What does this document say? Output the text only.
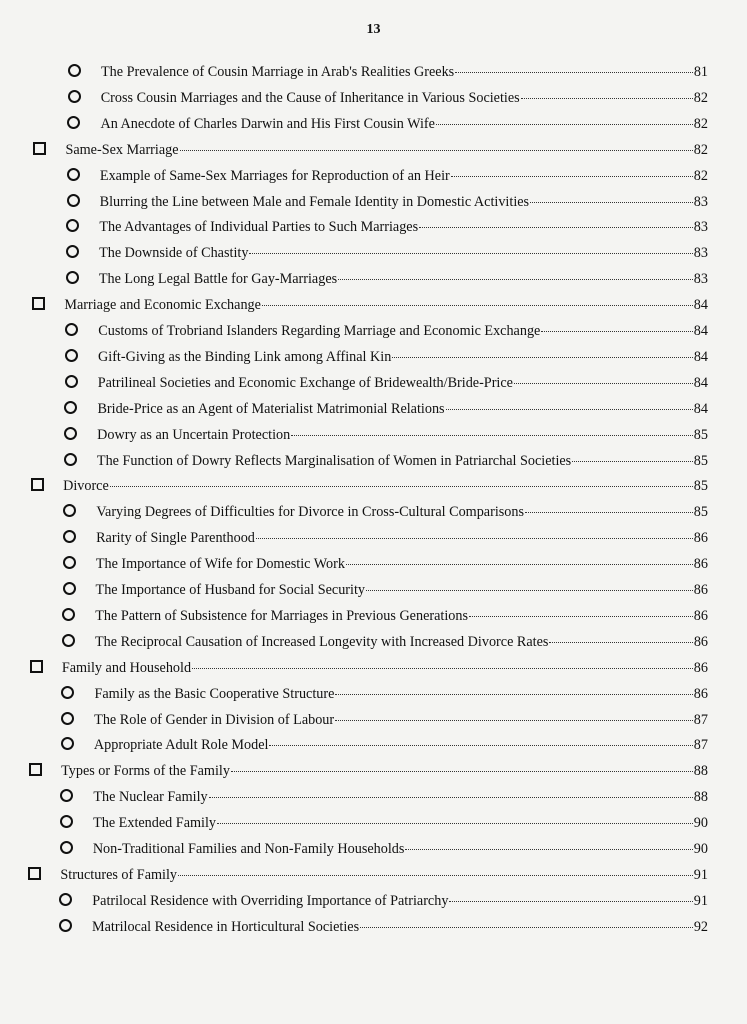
13
The Prevalence of Cousin Marriage in Arab's Realities Greeks	81
Cross Cousin Marriages and the Cause of Inheritance in Various Societies	82
An Anecdote of Charles Darwin and His First Cousin Wife	82
Same-Sex Marriage	82
Example of Same-Sex Marriages for Reproduction of an Heir	82
Blurring the Line between Male and Female Identity in Domestic Activities	83
The Advantages of Individual Parties to Such Marriages	83
The Downside of Chastity	83
The Long Legal Battle for Gay-Marriages	83
Marriage and Economic Exchange	84
Customs of Trobriand Islanders Regarding Marriage and Economic Exchange	84
Gift-Giving as the Binding Link among Affinal Kin	84
Patrilineal Societies and Economic Exchange of Bridewealth/Bride-Price	84
Bride-Price as an Agent of Materialist Matrimonial Relations	84
Dowry as an Uncertain Protection	85
The Function of Dowry Reflects Marginalisation of Women in Patriarchal Societies	85
Divorce	85
Varying Degrees of Difficulties for Divorce in Cross-Cultural Comparisons	85
Rarity of Single Parenthood	86
The Importance of Wife for Domestic Work	86
The Importance of Husband for Social Security	86
The Pattern of Subsistence for Marriages in Previous Generations	86
The Reciprocal Causation of Increased Longevity with Increased Divorce Rates	86
Family and Household	86
Family as the Basic Cooperative Structure	86
The Role of Gender in Division of Labour	87
Appropriate Adult Role Model	87
Types or Forms of the Family	88
The Nuclear Family	88
The Extended Family	90
Non-Traditional Families and Non-Family Households	90
Structures of Family	91
Patrilocal Residence with Overriding Importance of Patriarchy	91
Matrilocal Residence in Horticultural Societies	92
